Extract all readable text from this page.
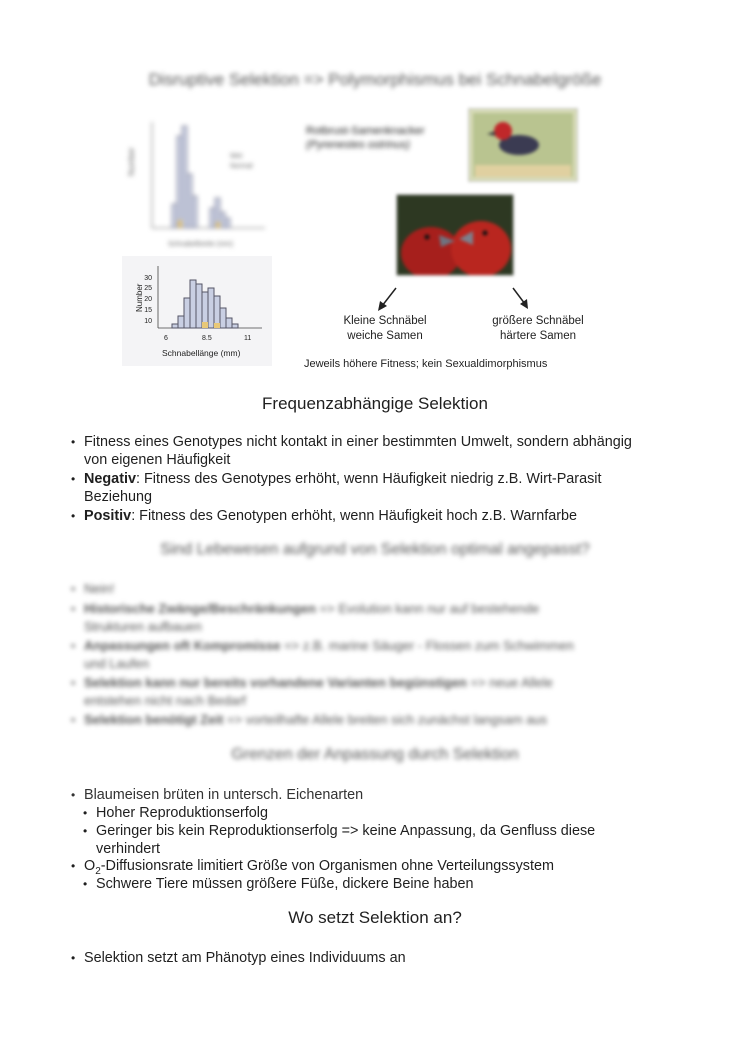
Disruptive Selektion => Polymorphismus bei Schnabelgröße
Number
Schnabelbreite (mm)
Wet
Normal
30
25
20
15
10
6	8.5	11
Number
Schnabellänge (mm)
Rotbrust-Samenknacker
(Pyrenestes ostrinus)
Kleine Schnäbel
weiche Samen
größere Schnäbel
härtere Samen
Jeweils höhere Fitness; kein Sexualdimorphismus
Frequenzabhängige Selektion
• Fitness eines Genotypes nicht kontakt in einer bestimmten Umwelt, sondern abhängig
von eigenen Häufigkeit
• Negativ: Fitness des Genotypes erhöht, wenn Häufigkeit niedrig z.B. Wirt-Parasit
Beziehung
• Positiv: Fitness des Genotypen erhöht, wenn Häufigkeit hoch z.B. Warnfarbe
Sind Lebewesen aufgrund von Selektion optimal angepasst?
• Nein!
• Historische Zwänge/Beschränkungen => Evolution kann nur auf bestehende
Strukturen aufbauen
• Anpassungen oft Kompromisse => z.B. marine Säuger - Flossen zum Schwimmen
und Laufen
• Selektion kann nur bereits vorhandene Varianten begünstigen => neue Allele
entstehen nicht nach Bedarf
• Selektion benötigt Zeit => vorteilhafte Allele breiten sich zunächst langsam aus
Grenzen der Anpassung durch Selektion
• Blaumeisen brüten in untersch. Eichenarten
• Hoher Reproduktionserfolg
• Geringer bis kein Reproduktionserfolg => keine Anpassung, da Genfluss diese
verhindert
• $O_2$-Diffusionsrate limitiert Größe von Organismen ohne Verteilungssystem
• Schwere Tiere müssen größere Füße, dickere Beine haben
Wo setzt Selektion an?
• Selektion setzt am Phänotyp eines Individuums an
